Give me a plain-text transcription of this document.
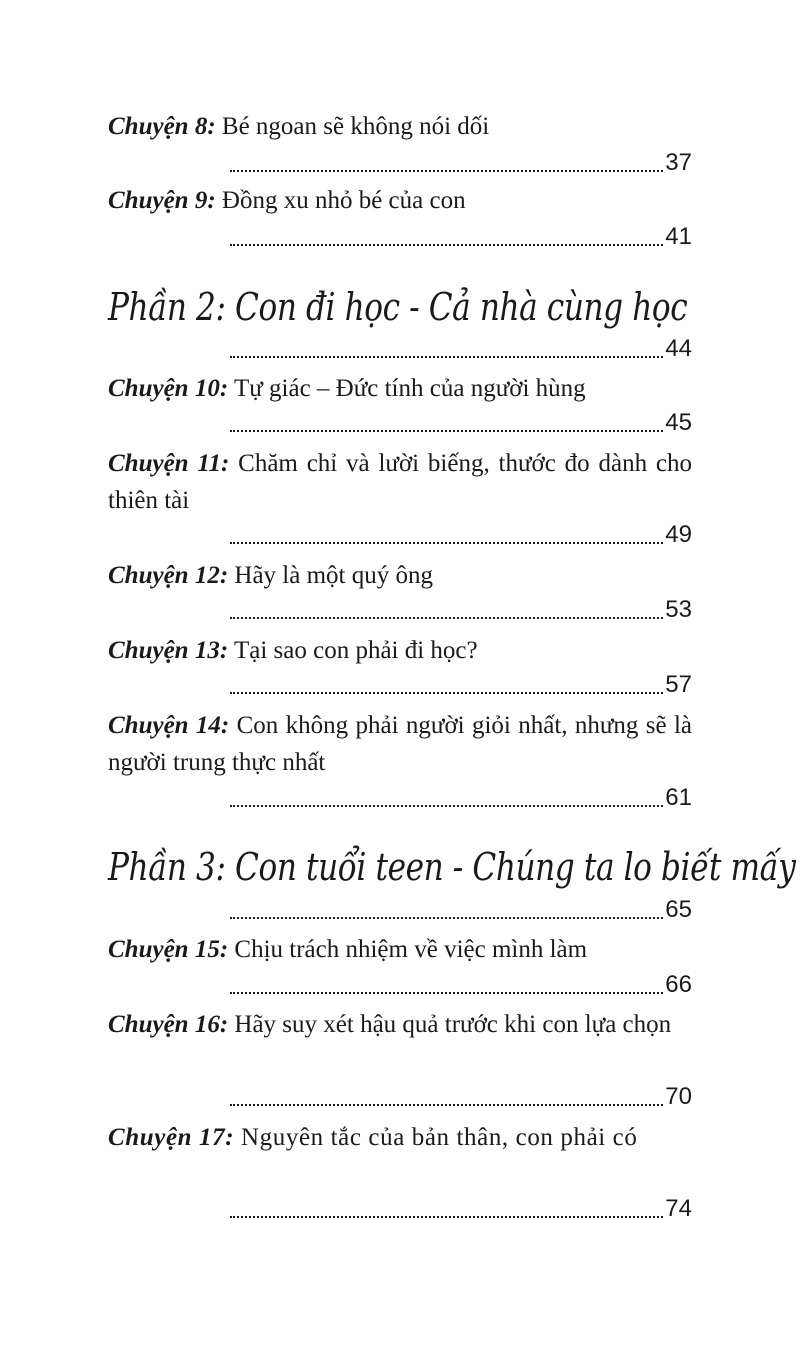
Chuyện 8: Bé ngoan sẽ không nói dối

37

Chuyện 9: Đồng xu nhỏ bé của con

41
Phần 2: Con đi học - Cả nhà cùng học
44

Chuyện 10: Tự giác – Đức tính của người hùng

45

Chuyện 11: Chăm chỉ và lười biếng, thước đo dành cho thiên tài

49

Chuyện 12: Hãy là một quý ông

53

Chuyện 13: Tại sao con phải đi học?

57

Chuyện 14: Con không phải người giỏi nhất, nhưng sẽ là người trung thực nhất

61
Phần 3: Con tuổi teen - Chúng ta lo biết mấy
65

Chuyện 15: Chịu trách nhiệm về việc mình làm

66

Chuyện 16: Hãy suy xét hậu quả trước khi con lựa chọn

70

Chuyện 17: Nguyên tắc của bản thân, con phải có

74
